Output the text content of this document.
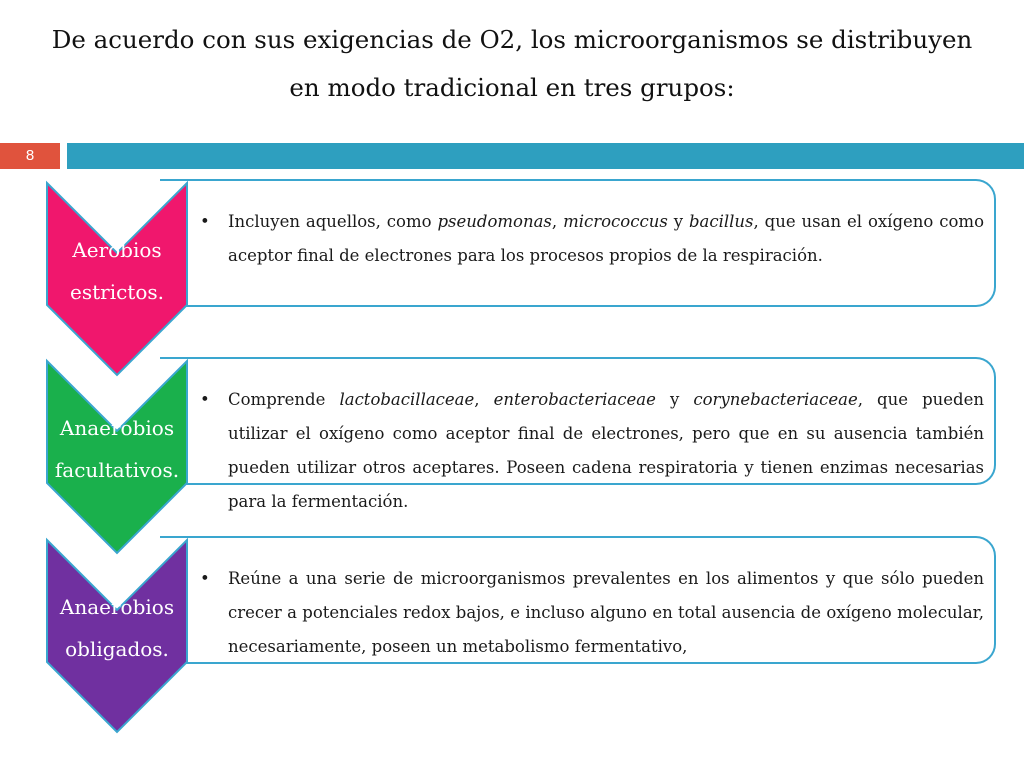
De acuerdo con sus exigencias de O2, los microorganismos se distribuyen
en modo tradicional en tres grupos:
8
• Incluyen aquellos, como pseudomonas, micrococcus y bacillus, que usan el oxígeno como aceptor final de electrones para los procesos propios de la respiración.
Aerobios
estrictos.
• Comprende lactobacillaceae, enterobacteriaceae y corynebacteriaceae, que pueden utilizar el oxígeno como aceptor final de electrones, pero que en su ausencia también pueden utilizar otros aceptares. Poseen cadena respiratoria y tienen enzimas necesarias para la fermentación.
Anaerobios
facultativos.
• Reúne a una serie de microorganismos prevalentes en los alimentos y que sólo pueden crecer a potenciales redox bajos, e incluso alguno en total ausencia de oxígeno molecular, necesariamente, poseen un metabolismo fermentativo,
Anaerobios
obligados.
